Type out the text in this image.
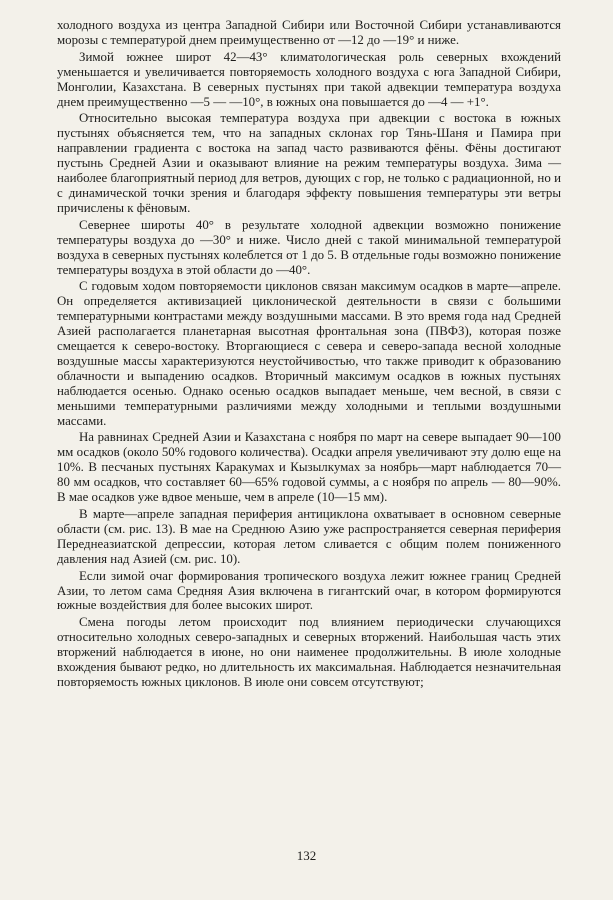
холодного воздуха из центра Западной Сибири или Восточной Сибири устанавливаются морозы с температурой днем преимущественно от —12 до —19° и ниже.

Зимой южнее широт 42—43° климатологическая роль северных вхождений уменьшается и увеличивается повторяемость холодного воздуха с юга Западной Сибири, Монголии, Казахстана. В северных пустынях при такой адвекции температура воздуха днем преимущественно —5 — —10°, в южных она повышается до —4 — +1°.

Относительно высокая температура воздуха при адвекции с востока в южных пустынях объясняется тем, что на западных склонах гор Тянь-Шаня и Памира при направлении градиента с востока на запад часто развиваются фёны. Фёны достигают пустынь Средней Азии и оказывают влияние на режим температуры воздуха. Зима — наиболее благоприятный период для ветров, дующих с гор, не только с радиационной, но и с динамической точки зрения и благодаря эффекту повышения температуры эти ветры причислены к фёновым.

Севернее широты 40° в результате холодной адвекции возможно понижение температуры воздуха до —30° и ниже. Число дней с такой минимальной температурой воздуха в северных пустынях колеблется от 1 до 5. В отдельные годы возможно понижение температуры воздуха в этой области до —40°.

С годовым ходом повторяемости циклонов связан максимум осадков в марте—апреле. Он определяется активизацией циклонической деятельности в связи с большими температурными контрастами между воздушными массами. В это время года над Средней Азией располагается планетарная высотная фронтальная зона (ПВФЗ), которая позже смещается к северо-востоку. Вторгающиеся с севера и северо-запада весной холодные воздушные массы характеризуются неустойчивостью, что также приводит к образованию облачности и выпадению осадков. Вторичный максимум осадков в южных пустынях наблюдается осенью. Однако осенью осадков выпадает меньше, чем весной, в связи с меньшими температурными различиями между холодными и теплыми воздушными массами.

На равнинах Средней Азии и Казахстана с ноября по март на севере выпадает 90—100 мм осадков (около 50% годового количества). Осадки апреля увеличивают эту долю еще на 10%. В песчаных пустынях Каракумах и Кызылкумах за ноябрь—март наблюдается 70—80 мм осадков, что составляет 60—65% годовой суммы, а с ноября по апрель — 80—90%. В мае осадков уже вдвое меньше, чем в апреле (10—15 мм).

В марте—апреле западная периферия антициклона охватывает в основном северные области (см. рис. 13). В мае на Среднюю Азию уже распространяется северная периферия Переднеазиатской депрессии, которая летом сливается с общим полем пониженного давления над Азией (см. рис. 10).

Если зимой очаг формирования тропического воздуха лежит южнее границ Средней Азии, то летом сама Средняя Азия включена в гигантский очаг, в котором формируются южные воздействия для более высоких широт.

Смена погоды летом происходит под влиянием периодически случающихся относительно холодных северо-западных и северных вторжений. Наибольшая часть этих вторжений наблюдается в июне, но они наименее продолжительны. В июле холодные вхождения бывают редко, но длительность их максимальная. Наблюдается незначительная повторяемость южных циклонов. В июле они совсем отсутствуют;

132
